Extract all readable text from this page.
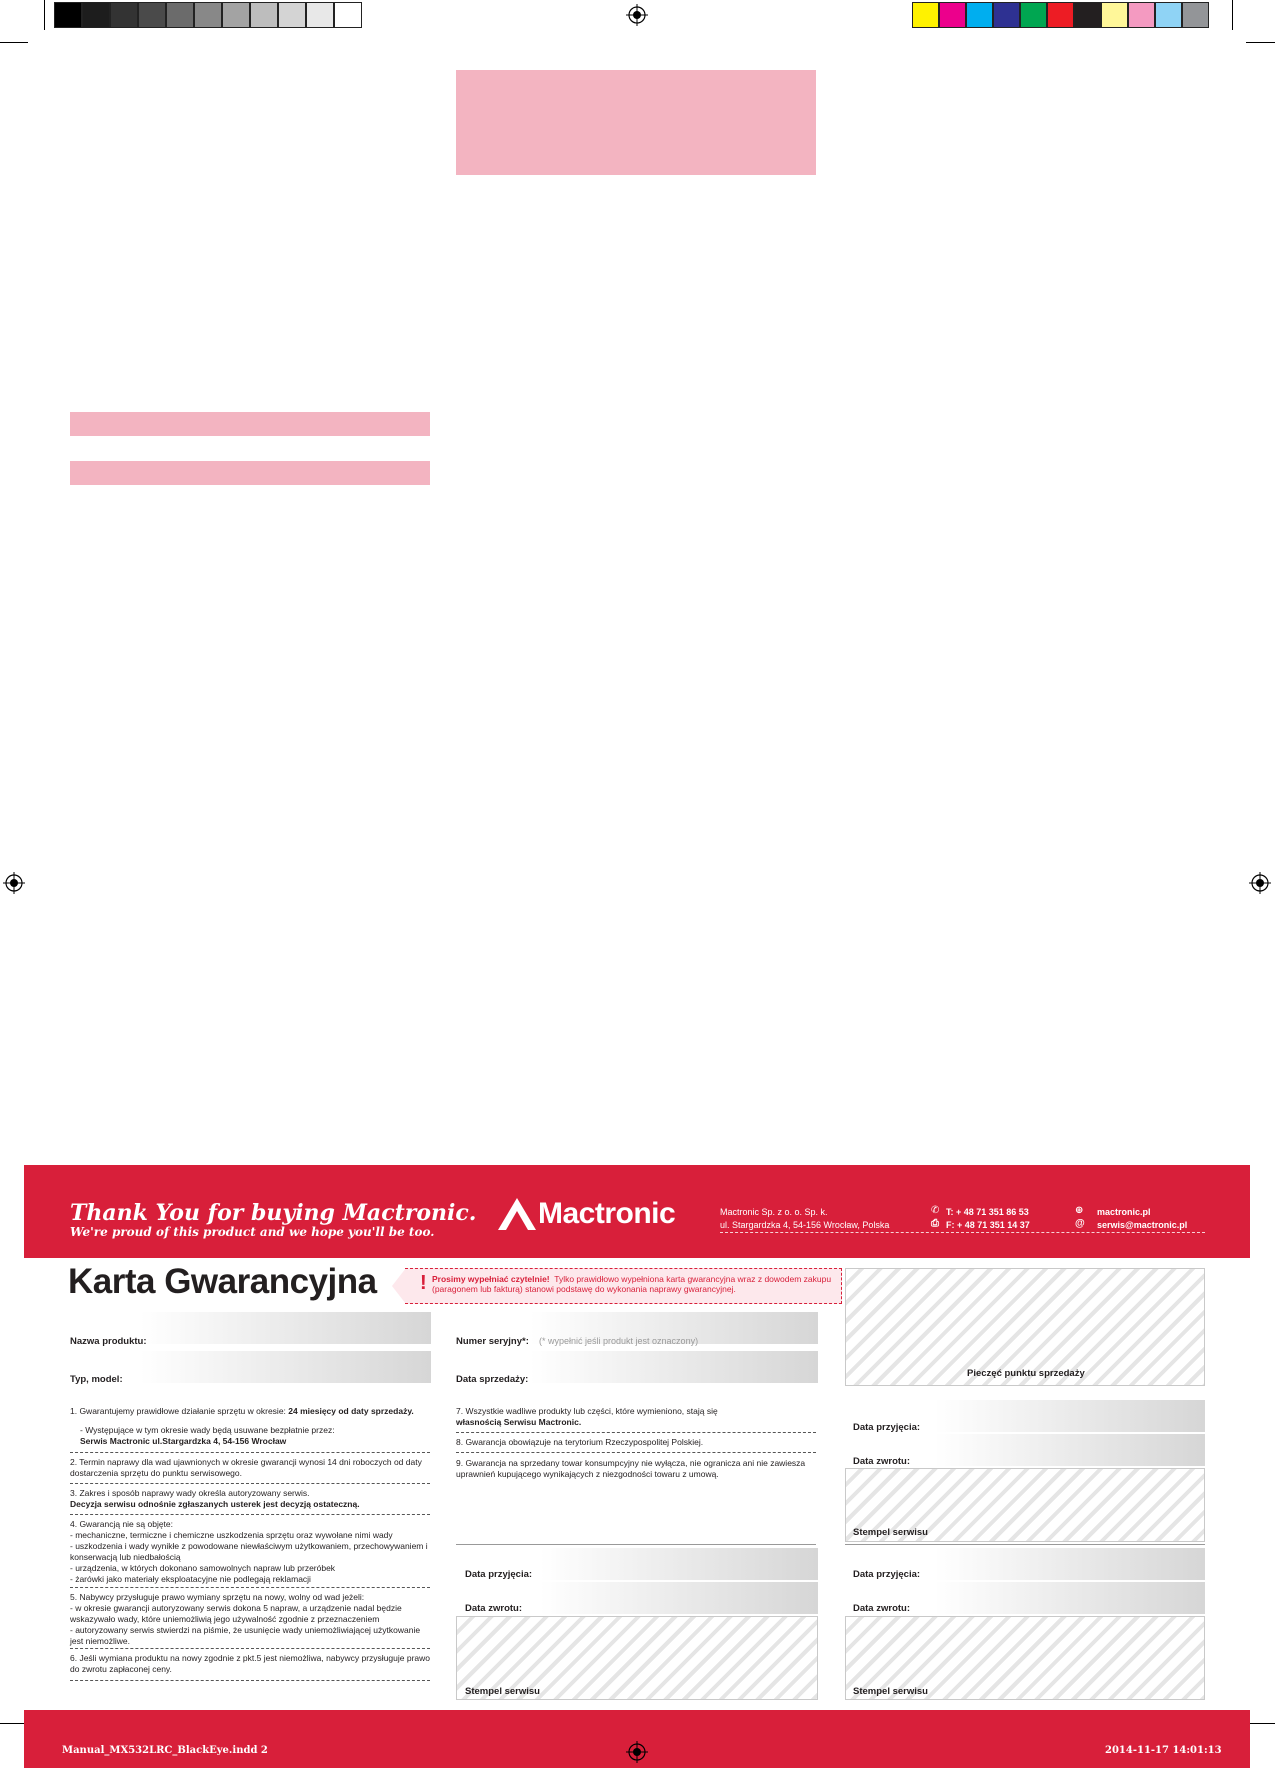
Thank You for buying Mactronic.
We're proud of this product and we hope you'll be too.
Mactronic	Mactronic Sp. z o. o. Sp. k.
ul. Stargardzka 4, 54-156 Wrocław, Polska
✆ T: + 48 71 351 86 53
⎙ F: + 48 71 351 14 37
⊕ mactronic.pl
@ serwis@mactronic.pl
Karta Gwarancyjna ! Prosimy wypełniać czytelnie! Tylko prawidłowo wypełniona karta gwarancyjna wraz z dowodem zakupu (paragonem lub fakturą) stanowi podstawę do wykonania naprawy gwarancyjnej.
Pieczęć punktu sprzedaży
Nazwa produktu:
Typ, model:
Numer seryjny*: (* wypełnić jeśli produkt jest oznaczony)
Data sprzedaży:
1. Gwarantujemy prawidłowe działanie sprzętu w okresie: 24 miesięcy od daty sprzedaży.
- Występujące w tym okresie wady będą usuwane bezpłatnie przez:
Serwis Mactronic ul.Stargardzka 4, 54-156 Wrocław
2. Termin naprawy dla wad ujawnionych w okresie gwarancji wynosi 14 dni roboczych od daty dostarczenia sprzętu do punktu serwisowego.
3. Zakres i sposób naprawy wady określa autoryzowany serwis.
Decyzja serwisu odnośnie zgłaszanych usterek jest decyzją ostateczną.
4. Gwarancją nie są objęte:
- mechaniczne, termiczne i chemiczne uszkodzenia sprzętu oraz wywołane nimi wady
- uszkodzenia i wady wynikłe z powodowane niewłaściwym użytkowaniem, przechowywaniem i konserwacją lub niedbałością
- urządzenia, w których dokonano samowolnych napraw lub przeróbek
- żarówki jako materiały eksploatacyjne nie podlegają reklamacji
5. Nabywcy przysługuje prawo wymiany sprzętu na nowy, wolny od wad jeżeli:
- w okresie gwarancji autoryzowany serwis dokona 5 napraw, a urządzenie nadal będzie wskazywało wady, które uniemożliwią jego używalność zgodnie z przeznaczeniem
- autoryzowany serwis stwierdzi na piśmie, że usunięcie wady uniemożliwiającej użytkowanie jest niemożliwe.
6. Jeśli wymiana produktu na nowy zgodnie z pkt.5 jest niemożliwa, nabywcy przysługuje prawo do zwrotu zapłaconej ceny.
7. Wszystkie wadliwe produkty lub części, które wymieniono, stają się
własnością Serwisu Mactronic.
8. Gwarancja obowiązuje na terytorium Rzeczypospolitej Polskiej.
9. Gwarancja na sprzedany towar konsumpcyjny nie wyłącza, nie ogranicza ani nie zawiesza uprawnień kupującego wynikających z niezgodności towaru z umową.
Data przyjęcia:
Data zwrotu:
Stempel serwisu
Data przyjęcia:
Data zwrotu:
Stempel serwisu
Data przyjęcia:
Data zwrotu:
Stempel serwisu
Manual_MX532LRC_BlackEye.indd 2	2014-11-17 14:01:13
